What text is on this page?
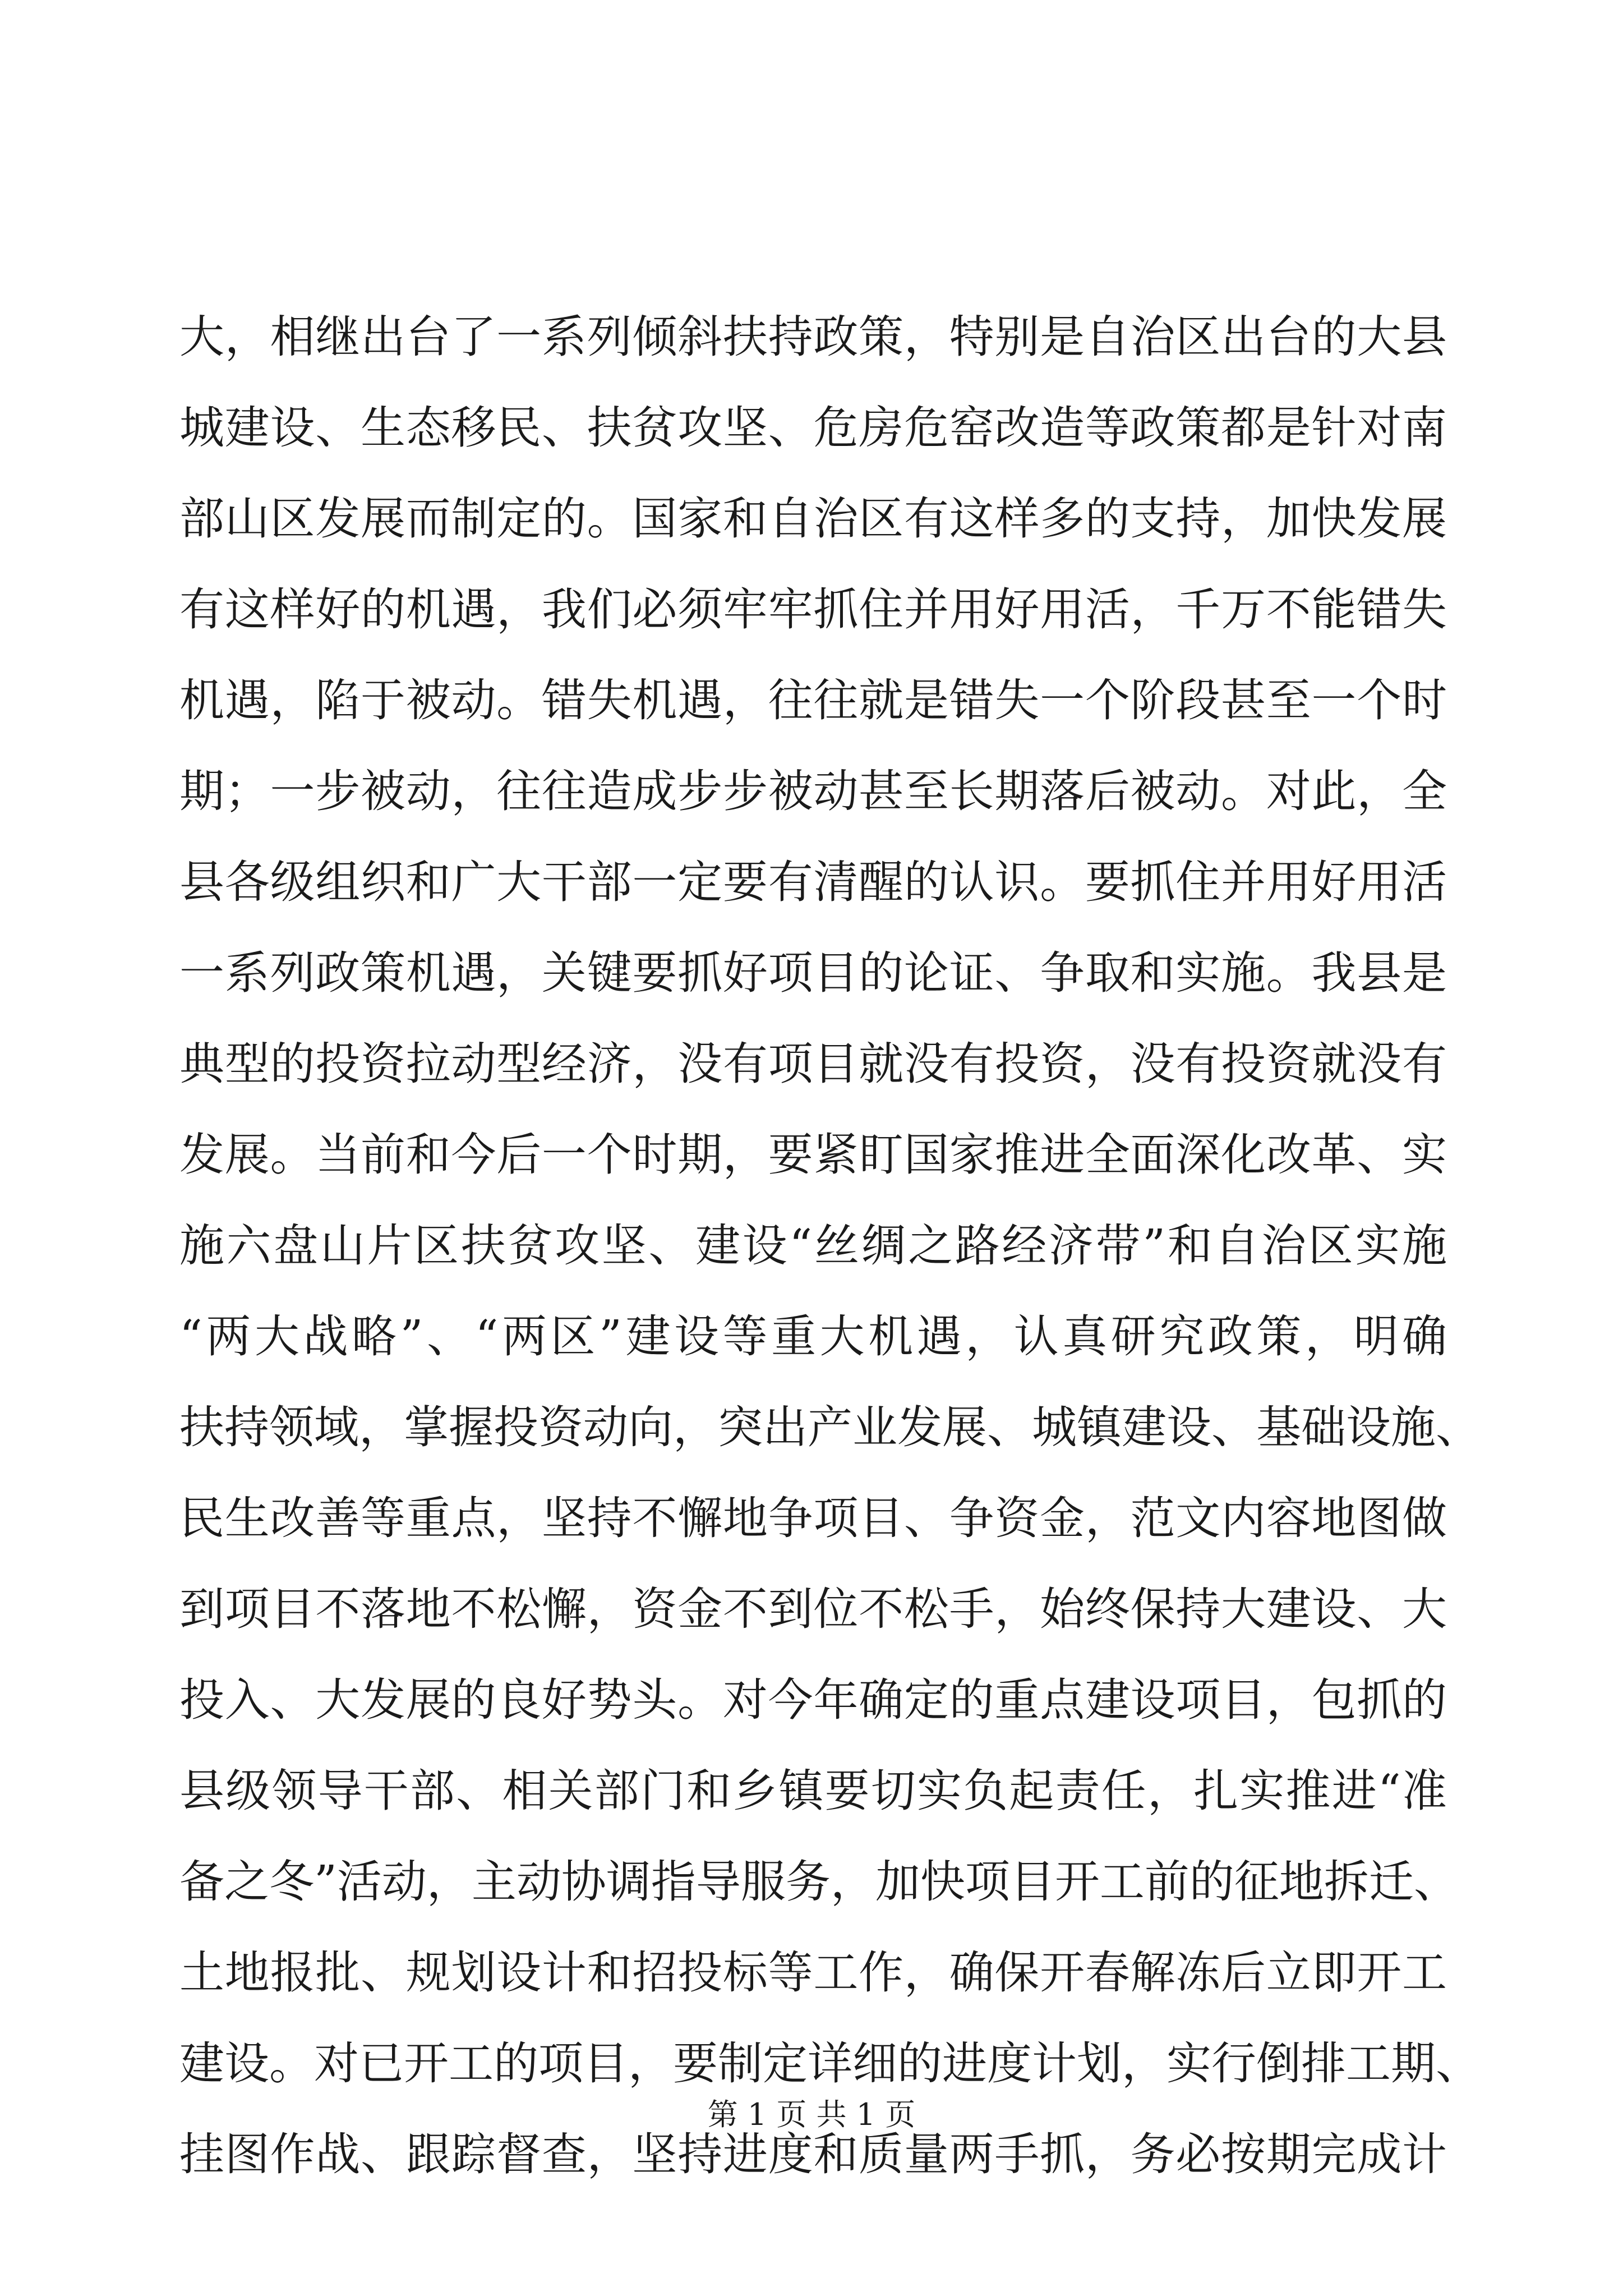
大，相继出台了一系列倾斜扶持政策，特别是自治区出台的大县
城建设、生态移民、扶贫攻坚、危房危窑改造等政策都是针对南
部山区发展而制定的。国家和自治区有这样多的支持，加快发展
有这样好的机遇，我们必须牢牢抓住并用好用活，千万不能错失
机遇，陷于被动。错失机遇，往往就是错失一个阶段甚至一个时
期；一步被动，往往造成步步被动甚至长期落后被动。对此，全
县各级组织和广大干部一定要有清醒的认识。要抓住并用好用活
一系列政策机遇，关键要抓好项目的论证、争取和实施。我县是
典型的投资拉动型经济，没有项目就没有投资，没有投资就没有
发展。当前和今后一个时期，要紧盯国家推进全面深化改革、实
施六盘山片区扶贫攻坚、建设“丝绸之路经济带”和自治区实施
“两大战略”、“两区”建设等重大机遇，认真研究政策，明确
扶持领域，掌握投资动向，突出产业发展、城镇建设、基础设施、
民生改善等重点，坚持不懈地争项目、争资金，范文内容地图做
到项目不落地不松懈，资金不到位不松手，始终保持大建设、大
投入、大发展的良好势头。对今年确定的重点建设项目，包抓的
县级领导干部、相关部门和乡镇要切实负起责任，扎实推进“准
备之冬”活动，主动协调指导服务，加快项目开工前的征地拆迁、
土地报批、规划设计和招投标等工作，确保开春解冻后立即开工
建设。对已开工的项目，要制定详细的进度计划，实行倒排工期、
挂图作战、跟踪督查，坚持进度和质量两手抓，务必按期完成计
第 1 页 共 1 页
